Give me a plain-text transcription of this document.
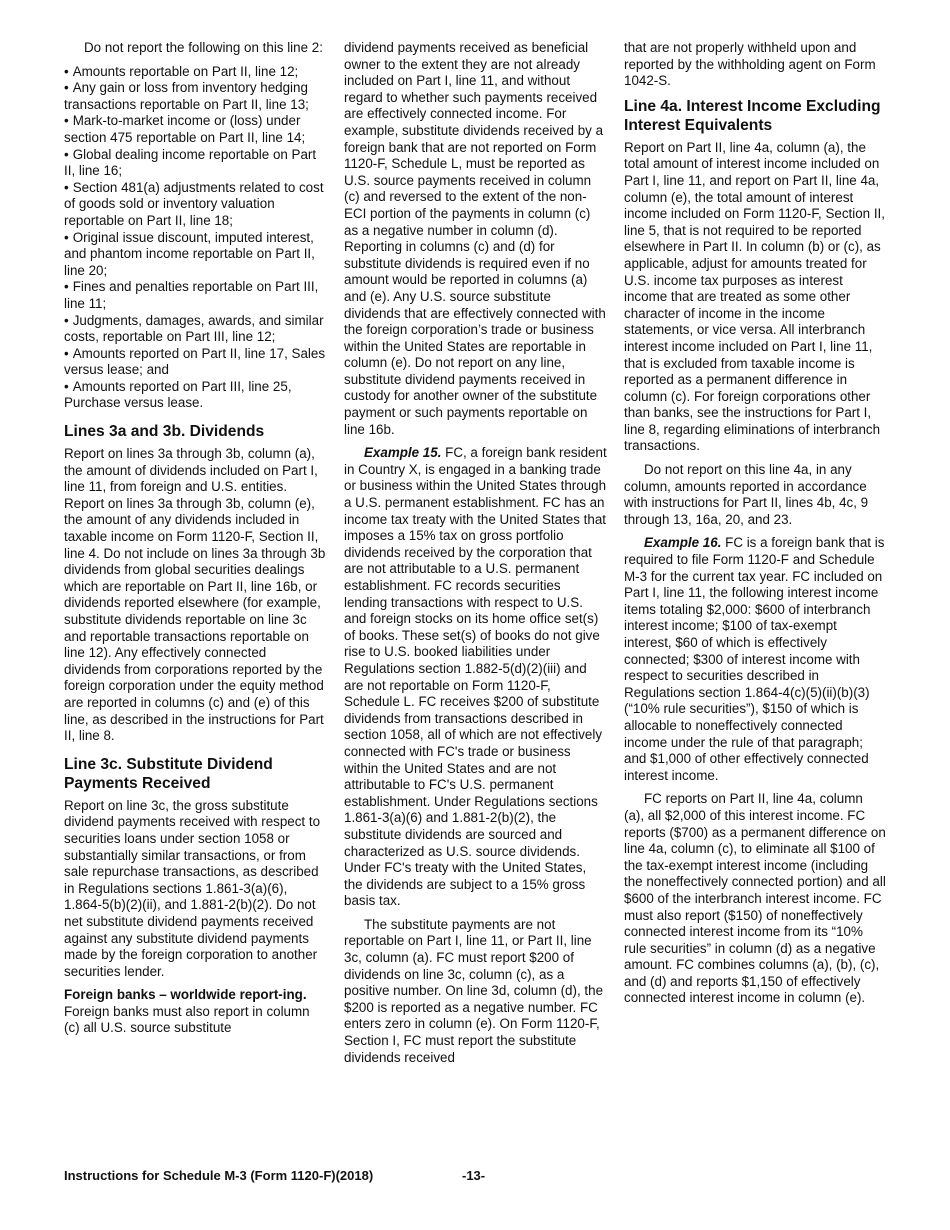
Do not report the following on this line 2:

• Amounts reportable on Part II, line 12;
• Any gain or loss from inventory hedging transactions reportable on Part II, line 13;
• Mark-to-market income or (loss) under section 475 reportable on Part II, line 14;
• Global dealing income reportable on Part II, line 16;
• Section 481(a) adjustments related to cost of goods sold or inventory valuation reportable on Part II, line 18;
• Original issue discount, imputed interest, and phantom income reportable on Part II, line 20;
• Fines and penalties reportable on Part III, line 11;
• Judgments, damages, awards, and similar costs, reportable on Part III, line 12;
• Amounts reported on Part II, line 17, Sales versus lease; and
• Amounts reported on Part III, line 25, Purchase versus lease.
Lines 3a and 3b. Dividends

Report on lines 3a through 3b, column (a), the amount of dividends included on Part I, line 11, from foreign and U.S. entities. Report on lines 3a through 3b, column (e), the amount of any dividends included in taxable income on Form 1120-F, Section II, line 4. Do not include on lines 3a through 3b dividends from global securities dealings which are reportable on Part II, line 16b, or dividends reported elsewhere (for example, substitute dividends reportable on line 3c and reportable transactions reportable on line 12). Any effectively connected dividends from corporations reported by the foreign corporation under the equity method are reported in columns (c) and (e) of this line, as described in the instructions for Part II, line 8.

Line 3c. Substitute Dividend Payments Received

Report on line 3c, the gross substitute dividend payments received with respect to securities loans under section 1058 or substantially similar transactions, or from sale repurchase transactions, as described in Regulations sections 1.861-3(a)(6), 1.864-5(b)(2)(ii), and 1.881-2(b)(2). Do not net substitute dividend payments received against any substitute dividend payments made by the foreign corporation to another securities lender.

Foreign banks – worldwide report-ing. Foreign banks must also report in column (c) all U.S. source substitute

dividend payments received as beneficial owner to the extent they are not already included on Part I, line 11, and without regard to whether such payments received are effectively connected income. For example, substitute dividends received by a foreign bank that are not reported on Form 1120-F, Schedule L, must be reported as U.S. source payments received in column (c) and reversed to the extent of the non-ECI portion of the payments in column (c) as a negative number in column (d). Reporting in columns (c) and (d) for substitute dividends is required even if no amount would be reported in columns (a) and (e). Any U.S. source substitute dividends that are effectively connected with the foreign corporation’s trade or business within the United States are reportable in column (e). Do not report on any line, substitute dividend payments received in custody for another owner of the substitute payment or such payments reportable on line 16b.

Example 15. FC, a foreign bank resident in Country X, is engaged in a banking trade or business within the United States through a U.S. permanent establishment. FC has an income tax treaty with the United States that imposes a 15% tax on gross portfolio dividends received by the corporation that are not attributable to a U.S. permanent establishment. FC records securities lending transactions with respect to U.S. and foreign stocks on its home office set(s) of books. These set(s) of books do not give rise to U.S. booked liabilities under Regulations section 1.882-5(d)(2)(iii) and are not reportable on Form 1120-F, Schedule L. FC receives $200 of substitute dividends from transactions described in section 1058, all of which are not effectively connected with FC's trade or business within the United States and are not attributable to FC's U.S. permanent establishment. Under Regulations sections 1.861-3(a)(6) and 1.881-2(b)(2), the substitute dividends are sourced and characterized as U.S. source dividends. Under FC's treaty with the United States, the dividends are subject to a 15% gross basis tax.

The substitute payments are not reportable on Part I, line 11, or Part II, line 3c, column (a). FC must report $200 of dividends on line 3c, column (c), as a positive number. On line 3d, column (d), the $200 is reported as a negative number. FC enters zero in column (e). On Form 1120-F, Section I, FC must report the substitute dividends received

that are not properly withheld upon and reported by the withholding agent on Form 1042-S.

Line 4a. Interest Income Excluding Interest Equivalents

Report on Part II, line 4a, column (a), the total amount of interest income included on Part I, line 11, and report on Part II, line 4a, column (e), the total amount of interest income included on Form 1120-F, Section II, line 5, that is not required to be reported elsewhere in Part II. In column (b) or (c), as applicable, adjust for amounts treated for U.S. income tax purposes as interest income that are treated as some other character of income in the income statements, or vice versa. All interbranch interest income included on Part I, line 11, that is excluded from taxable income is reported as a permanent difference in column (c). For foreign corporations other than banks, see the instructions for Part I, line 8, regarding eliminations of interbranch transactions.

Do not report on this line 4a, in any column, amounts reported in accordance with instructions for Part II, lines 4b, 4c, 9 through 13, 16a, 20, and 23.

Example 16. FC is a foreign bank that is required to file Form 1120-F and Schedule M-3 for the current tax year. FC included on Part I, line 11, the following interest income items totaling $2,000: $600 of interbranch interest income; $100 of tax-exempt interest, $60 of which is effectively connected; $300 of interest income with respect to securities described in Regulations section 1.864-4(c)(5)(ii)(b)(3) (“10% rule securities”), $150 of which is allocable to noneffectively connected income under the rule of that paragraph; and $1,000 of other effectively connected interest income.

FC reports on Part II, line 4a, column (a), all $2,000 of this interest income. FC reports ($700) as a permanent difference on line 4a, column (c), to eliminate all $100 of the tax-exempt interest income (including the noneffectively connected portion) and all $600 of the interbranch interest income. FC must also report ($150) of noneffectively connected interest income from its “10% rule securities” in column (d) as a negative amount. FC combines columns (a), (b), (c), and (d) and reports $1,150 of effectively connected interest income in column (e).

Instructions for Schedule M-3 (Form 1120-F)(2018)	-13-
